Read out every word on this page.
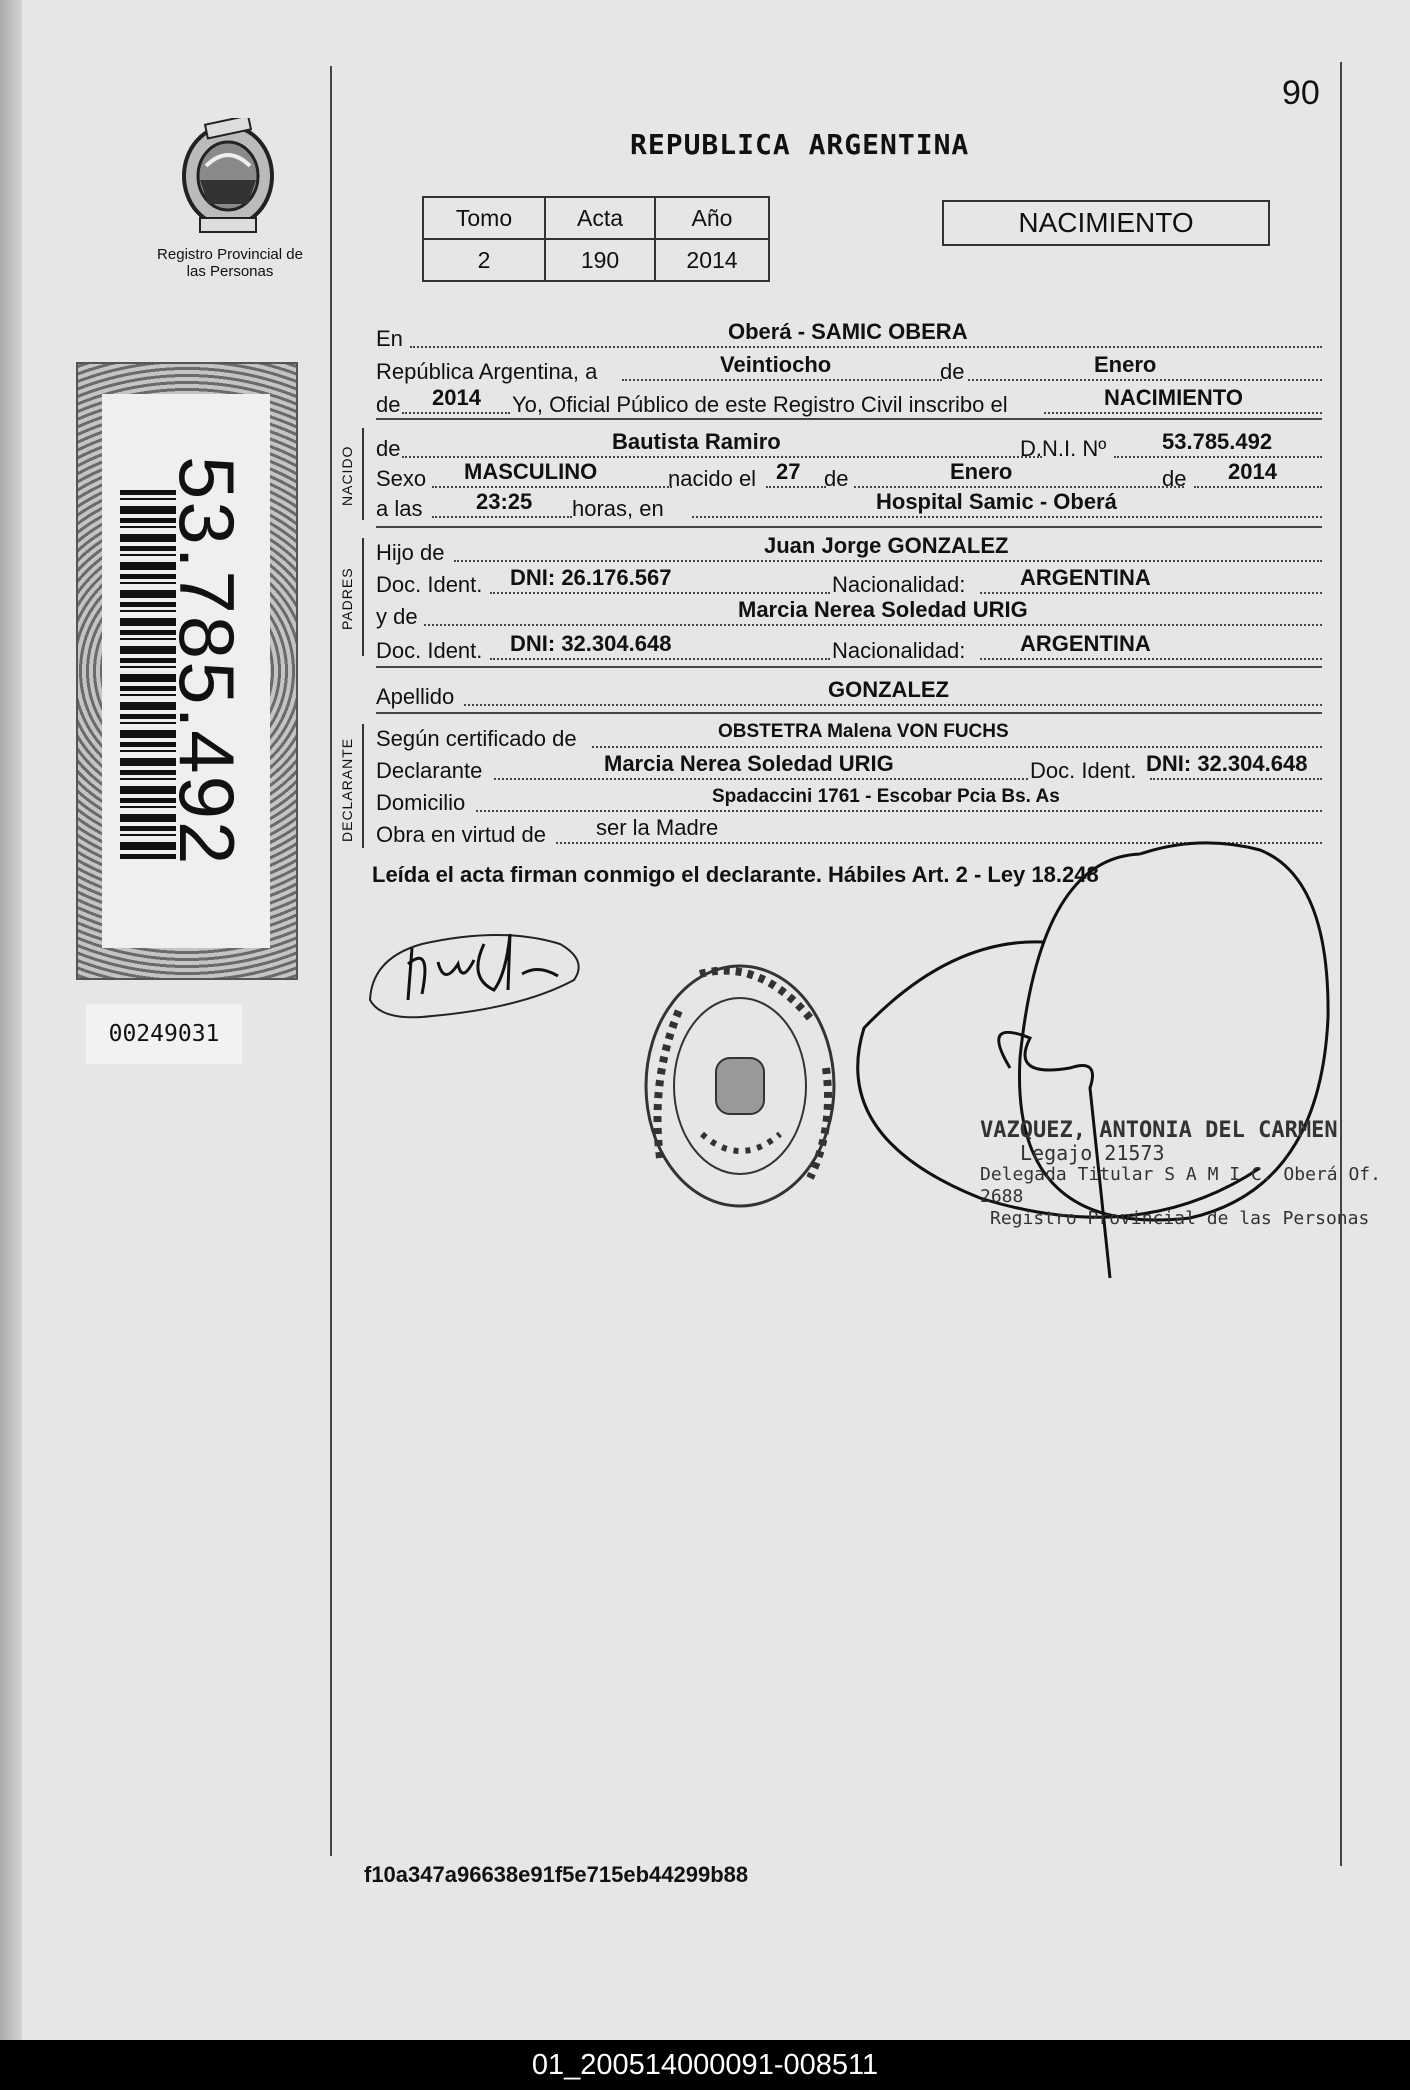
Registro Provincial de las Personas
53.785.492
00249031
90
REPUBLICA ARGENTINA
Tomo	Acta	Año
2	190	2014
NACIMIENTO
En	Oberá - SAMIC OBERA
República Argentina, a	Veintiocho	de	Enero
de 2014 Yo, Oficial Público de este Registro Civil inscribo el	NACIMIENTO
NACIDO de	Bautista Ramiro	D.N.I. Nº	53.785.492
Sexo MASCULINO	nacido el 27 de	Enero	de 2014
a las 23:25 horas, en	Hospital Samic - Oberá
PADRES
Hijo de	Juan Jorge GONZALEZ
Doc. Ident. DNI: 26.176.567	Nacionalidad: ARGENTINA
y de	Marcia Nerea Soledad URIG
Doc. Ident. DNI: 32.304.648	Nacionalidad: ARGENTINA
Apellido	GONZALEZ
DECLARANTE Según certificado de	OBSTETRA Malena VON FUCHS
Declarante	Marcia Nerea Soledad URIG	Doc. Ident. DNI: 32.304.648
Domicilio	Spadaccini 1761 - Escobar Pcia Bs. As
Obra en virtud de ser la Madre
Leída el acta firman conmigo el declarante. Hábiles Art. 2 - Ley 18.248
VAZQUEZ, ANTONIA DEL CARMEN
Legajo 21573
Delegada Titular S A M I C. Oberá Of. 2688
Registro Provincial de las Personas
f10a347a96638e91f5e715eb44299b88
01_200514000091-008511
